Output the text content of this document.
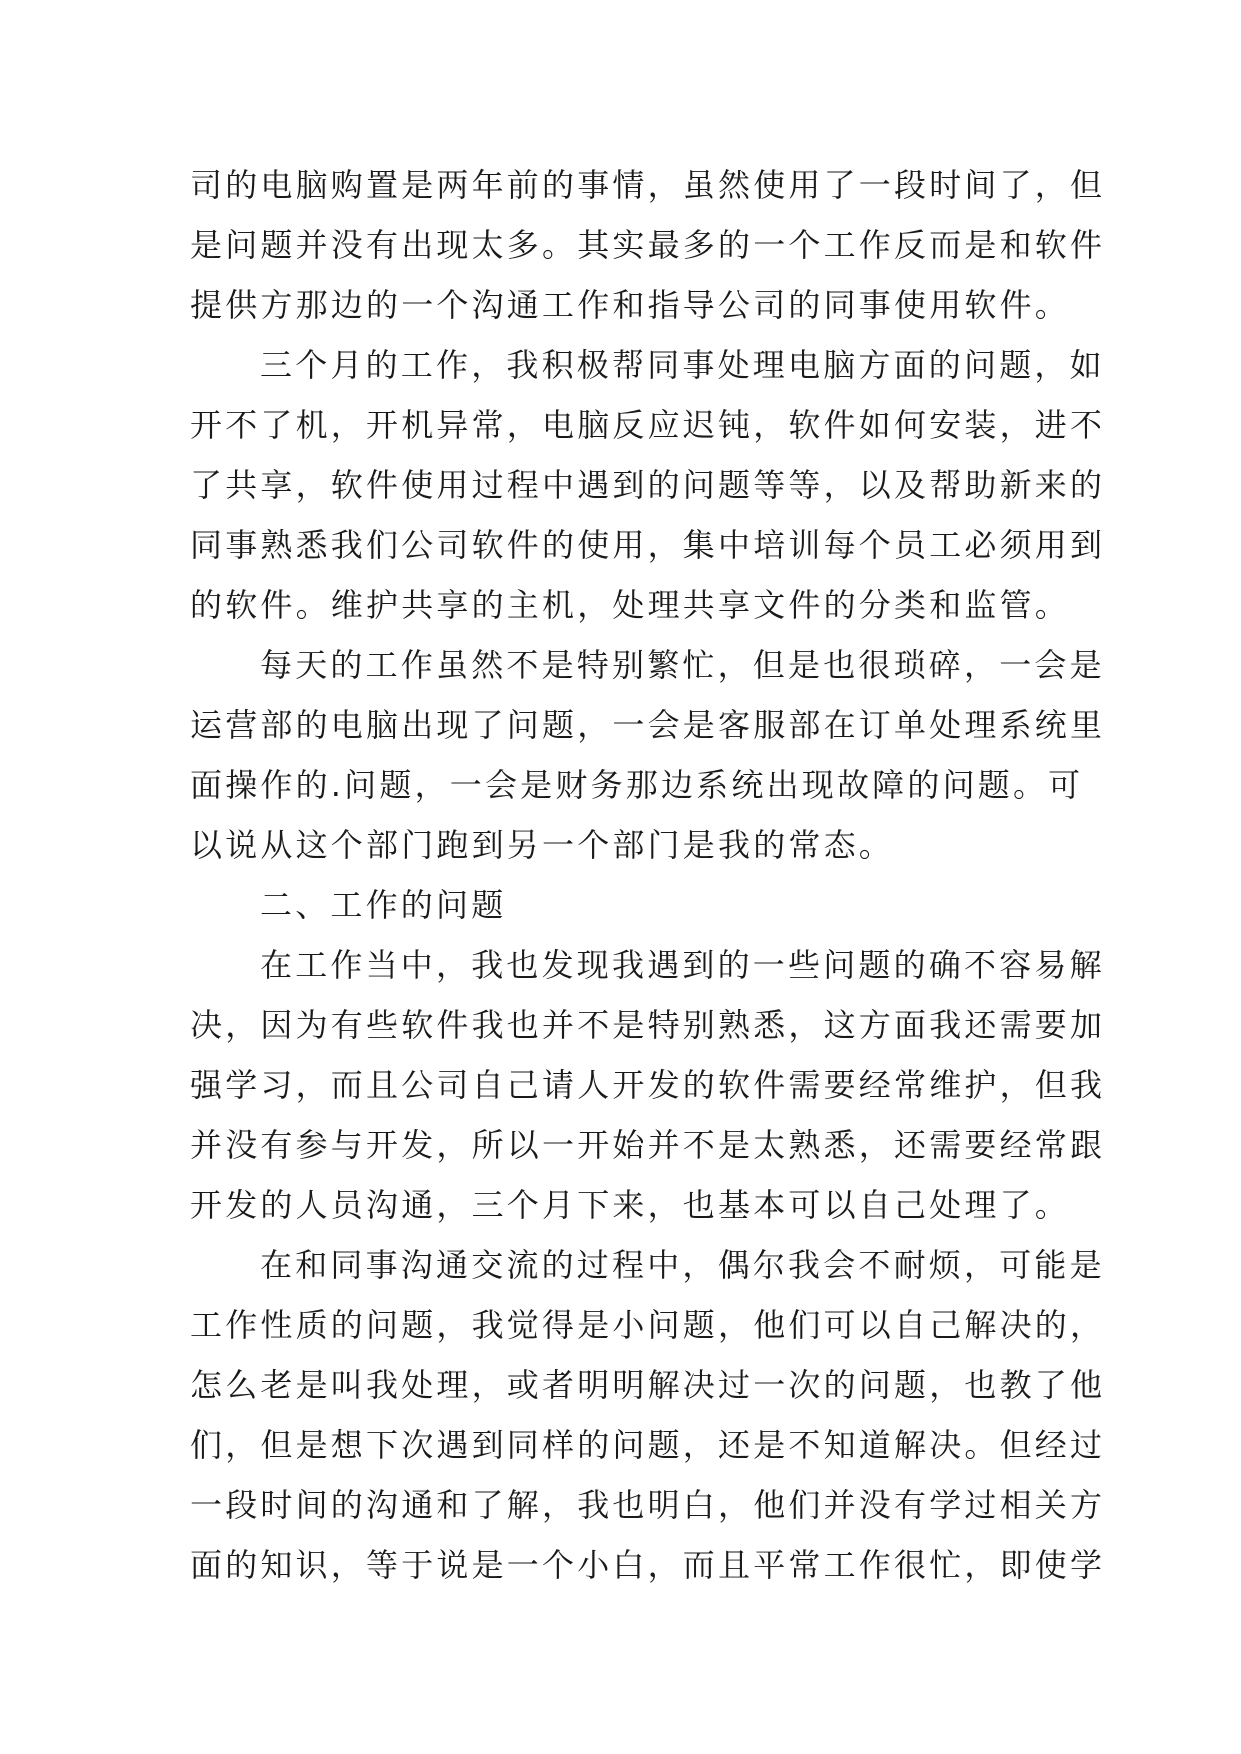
司的电脑购置是两年前的事情，虽然使用了一段时间了，但
是问题并没有出现太多。其实最多的一个工作反而是和软件
提供方那边的一个沟通工作和指导公司的同事使用软件。
三个月的工作，我积极帮同事处理电脑方面的问题，如
开不了机，开机异常，电脑反应迟钝，软件如何安装，进不
了共享，软件使用过程中遇到的问题等等，以及帮助新来的
同事熟悉我们公司软件的使用，集中培训每个员工必须用到
的软件。维护共享的主机，处理共享文件的分类和监管。
每天的工作虽然不是特别繁忙，但是也很琐碎，一会是
运营部的电脑出现了问题，一会是客服部在订单处理系统里
面操作的.问题，一会是财务那边系统出现故障的问题。可
以说从这个部门跑到另一个部门是我的常态。
二、工作的问题
在工作当中，我也发现我遇到的一些问题的确不容易解
决，因为有些软件我也并不是特别熟悉，这方面我还需要加
强学习，而且公司自己请人开发的软件需要经常维护，但我
并没有参与开发，所以一开始并不是太熟悉，还需要经常跟
开发的人员沟通，三个月下来，也基本可以自己处理了。
在和同事沟通交流的过程中，偶尔我会不耐烦，可能是
工作性质的问题，我觉得是小问题，他们可以自己解决的，
怎么老是叫我处理，或者明明解决过一次的问题，也教了他
们，但是想下次遇到同样的问题，还是不知道解决。但经过
一段时间的沟通和了解，我也明白，他们并没有学过相关方
面的知识，等于说是一个小白，而且平常工作很忙，即使学
